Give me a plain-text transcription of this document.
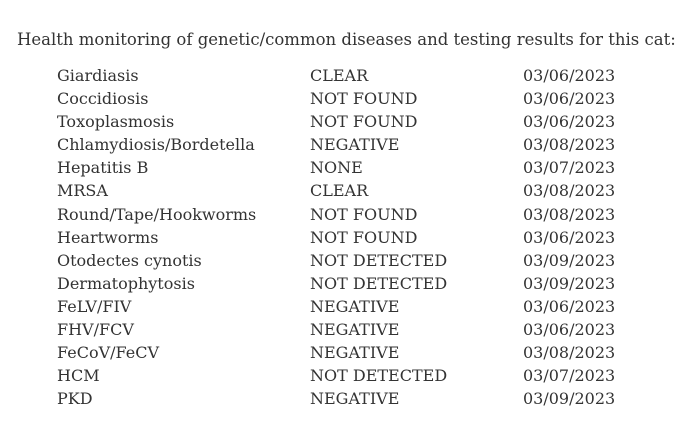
Health monitoring of genetic/common diseases and testing results for this cat:
Giardiasis	CLEAR	03/06/2023
Coccidiosis	NOT FOUND	03/06/2023
Toxoplasmosis	NOT FOUND	03/06/2023
Chlamydiosis/Bordetella	NEGATIVE	03/08/2023
Hepatitis B	NONE	03/07/2023
MRSA	CLEAR	03/08/2023
Round/Tape/Hookworms	NOT FOUND	03/08/2023
Heartworms	NOT FOUND	03/06/2023
Otodectes cynotis	NOT DETECTED	03/09/2023
Dermatophytosis	NOT DETECTED	03/09/2023
FeLV/FIV	NEGATIVE	03/06/2023
FHV/FCV	NEGATIVE	03/06/2023
FeCoV/FeCV	NEGATIVE	03/08/2023
HCM	NOT DETECTED	03/07/2023
PKD	NEGATIVE	03/09/2023
